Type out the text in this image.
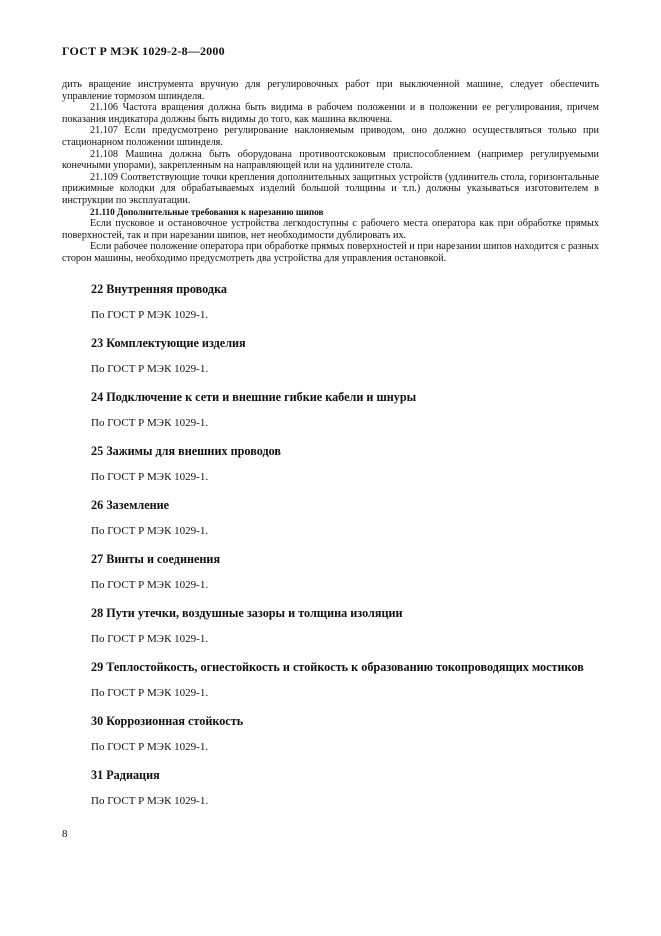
ГОСТ Р МЭК 1029-2-8—2000

дить вращение инструмента вручную для регулировочных работ при выключенной машине, следует обеспечить управление тормозом шпинделя.

21.106 Частота вращения должна быть видима в рабочем положении и в положении ее регулирования, причем показания индикатора должны быть видимы до того, как машина включена.

21.107 Если предусмотрено регулирование наклоняемым приводом, оно должно осуществляться только при стационарном положении шпинделя.

21.108 Машина должна быть оборудована противоотскоковым приспособлением (например регулируемыми конечными упорами), закрепленным на направляющей или на удлинителе стола.

21.109 Соответствующие точки крепления дополнительных защитных устройств (удлинитель стола, горизонтальные прижимные колодки для обрабатываемых изделий большой толщины и т.п.) должны указываться изготовителем в инструкции по эксплуатации.

21.110 Дополнительные требования к нарезанию шипов

Если пусковое и остановочное устройства легкодоступны с рабочего места оператора как при обработке прямых поверхностей, так и при нарезании шипов, нет необходимости дублировать их.

Если рабочее положение оператора при обработке прямых поверхностей и при нарезании шипов находится с разных сторон машины, необходимо предусмотреть два устройства для управления остановкой.

22 Внутренняя проводка

По ГОСТ Р МЭК 1029-1.

23 Комплектующие изделия

По ГОСТ Р МЭК 1029-1.

24 Подключение к сети и внешние гибкие кабели и шнуры

По ГОСТ Р МЭК 1029-1.

25 Зажимы для внешних проводов

По ГОСТ Р МЭК 1029-1.

26 Заземление

По ГОСТ Р МЭК 1029-1.

27 Винты и соединения

По ГОСТ Р МЭК 1029-1.

28 Пути утечки, воздушные зазоры и толщина изоляции

По ГОСТ Р МЭК 1029-1.

29 Теплостойкость, огнестойкость и стойкость к образованию токопроводящих мостиков

По ГОСТ Р МЭК 1029-1.

30 Коррозионная стойкость

По ГОСТ Р МЭК 1029-1.

31 Радиация

По ГОСТ Р МЭК 1029-1.

8
